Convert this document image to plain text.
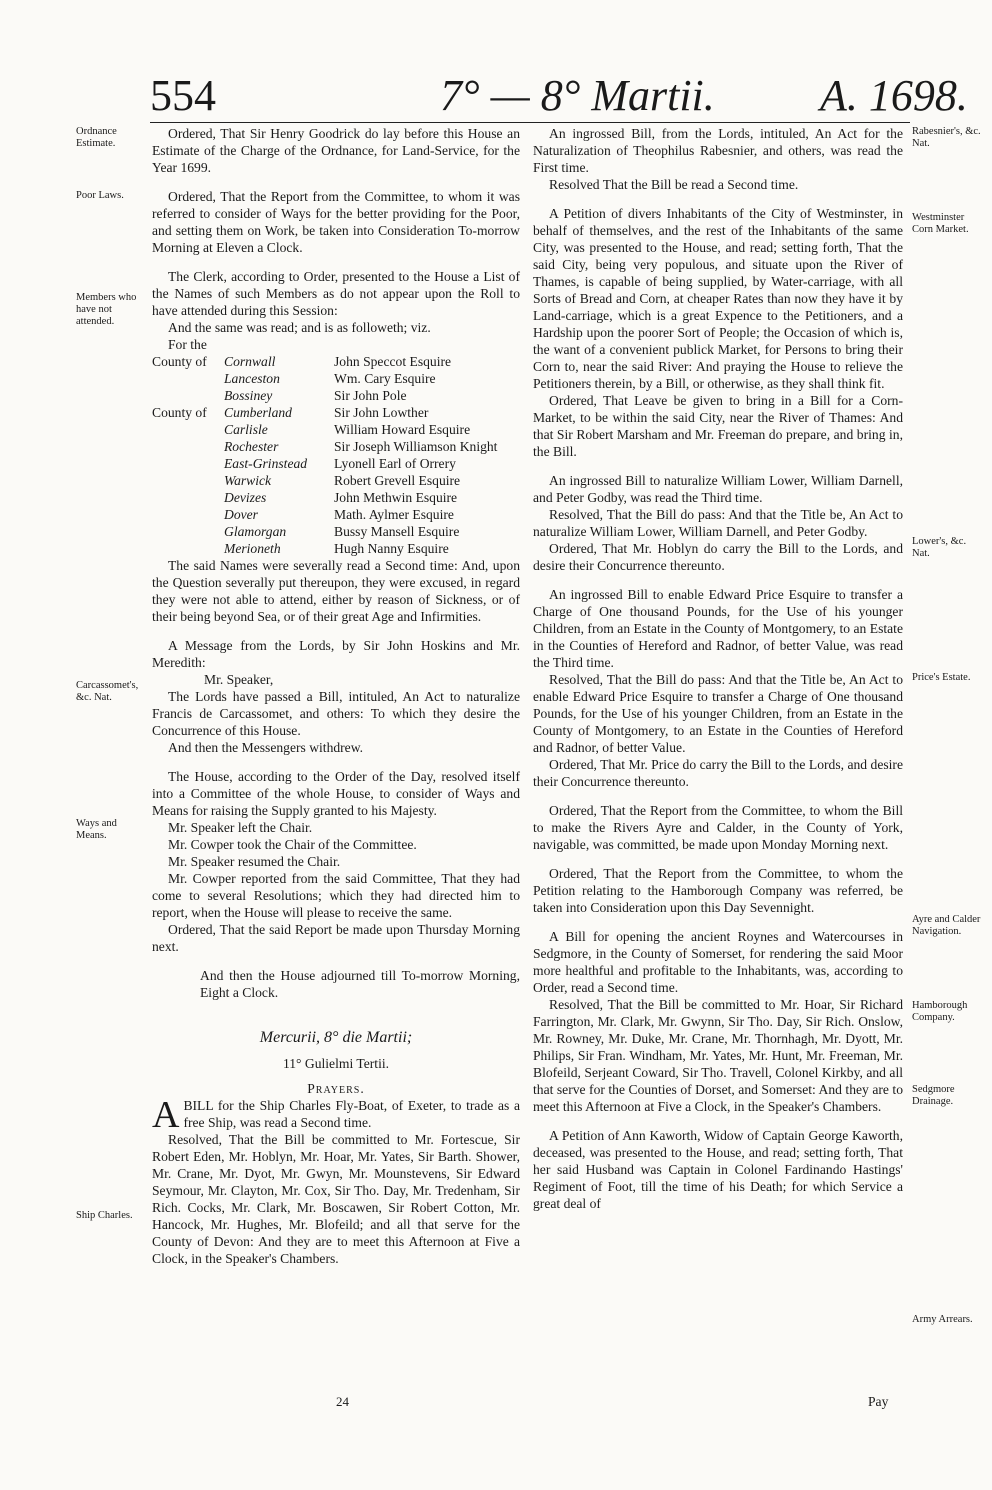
554	7° — 8° Martii. A. 1698.
Ordnance Estimate.
Poor Laws.
Members who have not attended.
Carcassomet's, &c. Nat.
Ways and Means.
Ship Charles.
Rabesnier's, &c. Nat.
Westminster Corn Market.
Lower's, &c. Nat.
Price's Estate.
Ayre and Calder Navigation.
Hamborough Company.
Sedgmore Drainage.
Army Arrears.

Ordered, That Sir Henry Goodrick do lay before this House an Estimate of the Charge of the Ordnance, for Land-Service, for the Year 1699.

Ordered, That the Report from the Committee, to whom it was referred to consider of Ways for the better providing for the Poor, and setting them on Work, be taken into Consideration To-morrow Morning at Eleven a Clock.

The Clerk, according to Order, presented to the House a List of the Names of such Members as do not appear upon the Roll to have attended during this Session:

And the same was read; and is as followeth; viz.

For the

County of	Cornwall	John Speccot Esquire
	Lanceston	Wm. Cary Esquire
	Bossiney	Sir John Pole
County of	Cumberland	Sir John Lowther
	Carlisle	William Howard Esquire
	Rochester	Sir Joseph Williamson Knight
	East-Grinstead	Lyonell Earl of Orrery
	Warwick	Robert Grevell Esquire
	Devizes	John Methwin Esquire
	Dover	Math. Aylmer Esquire
	Glamorgan	Bussy Mansell Esquire
	Merioneth	Hugh Nanny Esquire

The said Names were severally read a Second time: And, upon the Question severally put thereupon, they were excused, in regard they were not able to attend, either by reason of Sickness, or of their being beyond Sea, or of their great Age and Infirmities.

A Message from the Lords, by Sir John Hoskins and Mr. Meredith:

Mr. Speaker,

The Lords have passed a Bill, intituled, An Act to naturalize Francis de Carcassomet, and others: To which they desire the Concurrence of this House.

And then the Messengers withdrew.

The House, according to the Order of the Day, resolved itself into a Committee of the whole House, to consider of Ways and Means for raising the Supply granted to his Majesty.

Mr. Speaker left the Chair.

Mr. Cowper took the Chair of the Committee.

Mr. Speaker resumed the Chair.

Mr. Cowper reported from the said Committee, That they had come to several Resolutions; which they had directed him to report, when the House will please to receive the same.

Ordered, That the said Report be made upon Thursday Morning next.

And then the House adjourned till To-morrow Morning, Eight a Clock.

Mercurii, 8° die Martii;
11° Gulielmi Tertii.
Prayers.

ABILL for the Ship Charles Fly-Boat, of Exeter, to trade as a free Ship, was read a Second time.

Resolved, That the Bill be committed to Mr. Fortescue, Sir Robert Eden, Mr. Hoblyn, Mr. Hoar, Mr. Yates, Sir Barth. Shower, Mr. Crane, Mr. Dyot, Mr. Gwyn, Mr. Mounstevens, Sir Edward Seymour, Mr. Clayton, Mr. Cox, Sir Tho. Day, Mr. Tredenham, Sir Rich. Cocks, Mr. Clark, Mr. Boscawen, Sir Robert Cotton, Mr. Hancock, Mr. Hughes, Mr. Blofeild; and all that serve for the County of Devon: And they are to meet this Afternoon at Five a Clock, in the Speaker's Chambers.

An ingrossed Bill, from the Lords, intituled, An Act for the Naturalization of Theophilus Rabesnier, and others, was read the First time.

Resolved That the Bill be read a Second time.

A Petition of divers Inhabitants of the City of Westminster, in behalf of themselves, and the rest of the Inhabitants of the same City, was presented to the House, and read; setting forth, That the said City, being very populous, and situate upon the River of Thames, is capable of being supplied, by Water-carriage, with all Sorts of Bread and Corn, at cheaper Rates than now they have it by Land-carriage, which is a great Expence to the Petitioners, and a Hardship upon the poorer Sort of People; the Occasion of which is, the want of a convenient publick Market, for Persons to bring their Corn to, near the said River: And praying the House to relieve the Petitioners therein, by a Bill, or otherwise, as they shall think fit.

Ordered, That Leave be given to bring in a Bill for a Corn-Market, to be within the said City, near the River of Thames: And that Sir Robert Marsham and Mr. Freeman do prepare, and bring in, the Bill.

An ingrossed Bill to naturalize William Lower, William Darnell, and Peter Godby, was read the Third time.

Resolved, That the Bill do pass: And that the Title be, An Act to naturalize William Lower, William Darnell, and Peter Godby.

Ordered, That Mr. Hoblyn do carry the Bill to the Lords, and desire their Concurrence thereunto.

An ingrossed Bill to enable Edward Price Esquire to transfer a Charge of One thousand Pounds, for the Use of his younger Children, from an Estate in the County of Montgomery, to an Estate in the Counties of Hereford and Radnor, of better Value, was read the Third time.

Resolved, That the Bill do pass: And that the Title be, An Act to enable Edward Price Esquire to transfer a Charge of One thousand Pounds, for the Use of his younger Children, from an Estate in the County of Montgomery, to an Estate in the Counties of Hereford and Radnor, of better Value.

Ordered, That Mr. Price do carry the Bill to the Lords, and desire their Concurrence thereunto.

Ordered, That the Report from the Committee, to whom the Bill to make the Rivers Ayre and Calder, in the County of York, navigable, was committed, be made upon Monday Morning next.

Ordered, That the Report from the Committee, to whom the Petition relating to the Hamborough Company was referred, be taken into Consideration upon this Day Sevennight.

A Bill for opening the ancient Roynes and Watercourses in Sedgmore, in the County of Somerset, for rendering the said Moor more healthful and profitable to the Inhabitants, was, according to Order, read a Second time.

Resolved, That the Bill be committed to Mr. Hoar, Sir Richard Farrington, Mr. Clark, Mr. Gwynn, Sir Tho. Day, Sir Rich. Onslow, Mr. Rowney, Mr. Duke, Mr. Crane, Mr. Thornhagh, Mr. Dyott, Mr. Philips, Sir Fran. Windham, Mr. Yates, Mr. Hunt, Mr. Freeman, Mr. Blofeild, Serjeant Coward, Sir Tho. Travell, Colonel Kirkby, and all that serve for the Counties of Dorset, and Somerset: And they are to meet this Afternoon at Five a Clock, in the Speaker's Chambers.

A Petition of Ann Kaworth, Widow of Captain George Kaworth, deceased, was presented to the House, and read; setting forth, That her said Husband was Captain in Colonel Fardinando Hastings' Regiment of Foot, till the time of his Death; for which Service a great deal of

24	Pay
